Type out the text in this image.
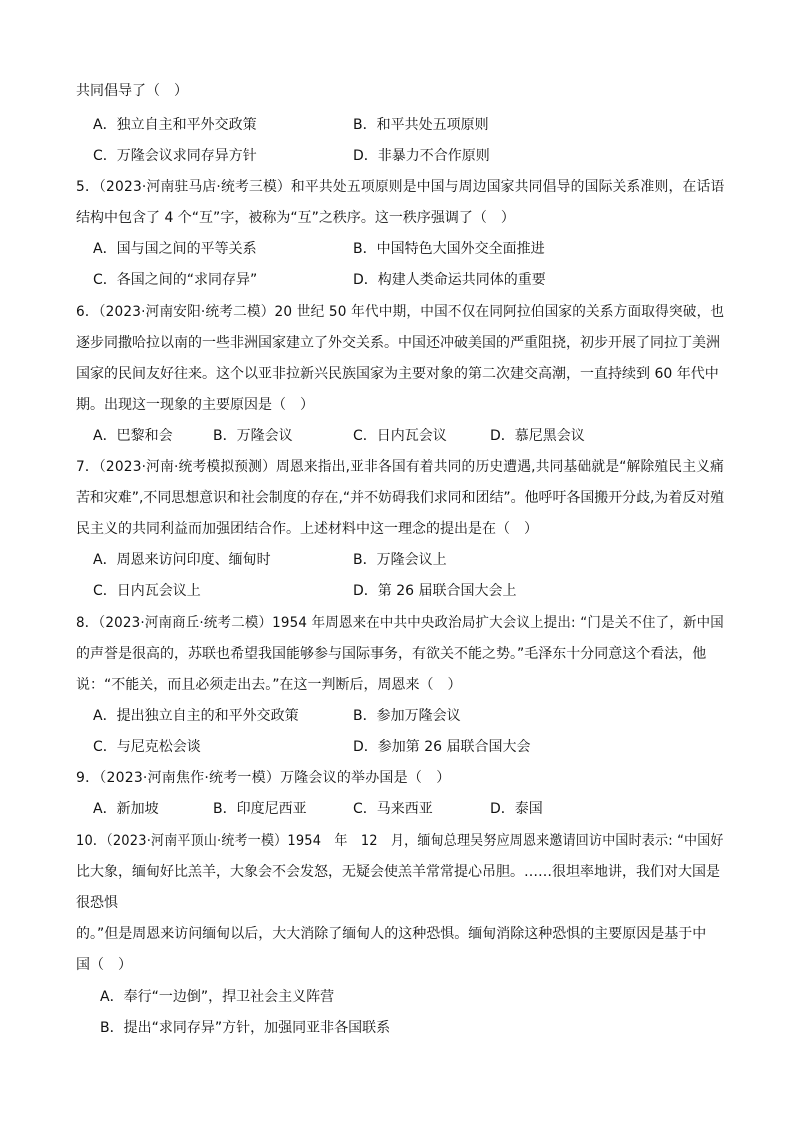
共同倡导了（　）
A．独立自主和平外交政策	B．和平共处五项原则
C．万隆会议求同存异方针	D．非暴力不合作原则
5．（2023·河南驻马店·统考三模）和平共处五项原则是中国与周边国家共同倡导的国际关系准则，在话语
结构中包含了 4 个“互”字，被称为“互”之秩序。这一秩序强调了（　）
A．国与国之间的平等关系	B．中国特色大国外交全面推进
C．各国之间的“求同存异”	D．构建人类命运共同体的重要
6．（2023·河南安阳·统考二模）20 世纪 50 年代中期，中国不仅在同阿拉伯国家的关系方面取得突破，也
逐步同撒哈拉以南的一些非洲国家建立了外交关系。中国还冲破美国的严重阻挠，初步开展了同拉丁美洲
国家的民间友好往来。这个以亚非拉新兴民族国家为主要对象的第二次建交高潮，一直持续到 60 年代中
期。出现这一现象的主要原因是（　）
A．巴黎和会	B．万隆会议	C．日内瓦会议	D．慕尼黑会议
7．（2023·河南·统考模拟预测）周恩来指出,亚非各国有着共同的历史遭遇,共同基础就是“解除殖民主义痛
苦和灾难”,不同思想意识和社会制度的存在,“并不妨碍我们求同和团结”。他呼吁各国搬开分歧,为着反对殖
民主义的共同利益而加强团结合作。上述材料中这一理念的提出是在（　）
A．周恩来访问印度、缅甸时	B．万隆会议上
C．日内瓦会议上	D．第 26 届联合国大会上
8．（2023·河南商丘·统考二模）1954 年周恩来在中共中央政治局扩大会议上提出: “门是关不住了，新中国
的声誉是很高的，苏联也希望我国能够参与国际事务，有欲关不能之势。”毛泽东十分同意这个看法，他
说：“不能关，而且必须走出去。”在这一判断后，周恩来（　）
A．提出独立自主的和平外交政策	B．参加万隆会议
C．与尼克松会谈	D．参加第 26 届联合国大会
9．（2023·河南焦作·统考一模）万隆会议的举办国是（　）
A．新加坡	B．印度尼西亚	C．马来西亚	D．泰国
10．（2023·河南平顶山·统考一模）1954　年　12　月，缅甸总理吴努应周恩来邀请回访中国时表示: “中国好
比大象，缅甸好比羔羊，大象会不会发怒，无疑会使羔羊常常提心吊胆。……很坦率地讲，我们对大国是
很恐惧
的。”但是周恩来访问缅甸以后，大大消除了缅甸人的这种恐惧。缅甸消除这种恐惧的主要原因是基于中
国（　）
A．奉行“一边倒”，捍卫社会主义阵营
B．提出“求同存异”方针，加强同亚非各国联系
